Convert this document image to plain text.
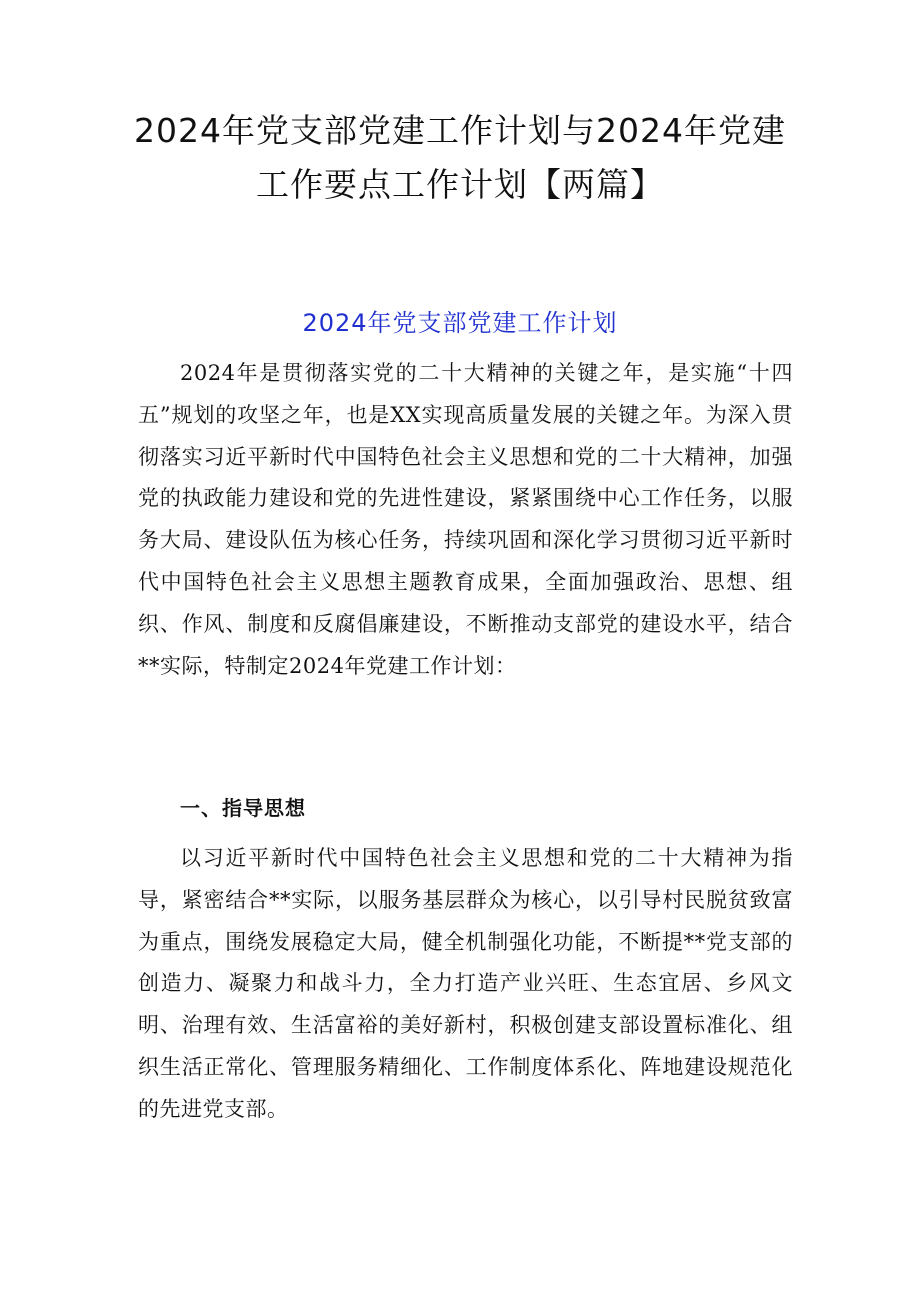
2024年党支部党建工作计划与2024年党建
工作要点工作计划【两篇】
2024年党支部党建工作计划

2024年是贯彻落实党的二十大精神的关键之年，是实施“十四五”规划的攻坚之年，也是XX实现高质量发展的关键之年。为深入贯彻落实习近平新时代中国特色社会主义思想和党的二十大精神，加强党的执政能力建设和党的先进性建设，紧紧围绕中心工作任务，以服务大局、建设队伍为核心任务，持续巩固和深化学习贯彻习近平新时代中国特色社会主义思想主题教育成果，全面加强政治、思想、组织、作风、制度和反腐倡廉建设，不断推动支部党的建设水平，结合**实际，特制定2024年党建工作计划：

一、指导思想

以习近平新时代中国特色社会主义思想和党的二十大精神为指导，紧密结合**实际，以服务基层群众为核心，以引导村民脱贫致富为重点，围绕发展稳定大局，健全机制强化功能，不断提**党支部的创造力、凝聚力和战斗力，全力打造产业兴旺、生态宜居、乡风文明、治理有效、生活富裕的美好新村，积极创建支部设置标准化、组织生活正常化、管理服务精细化、工作制度体系化、阵地建设规范化的先进党支部。
